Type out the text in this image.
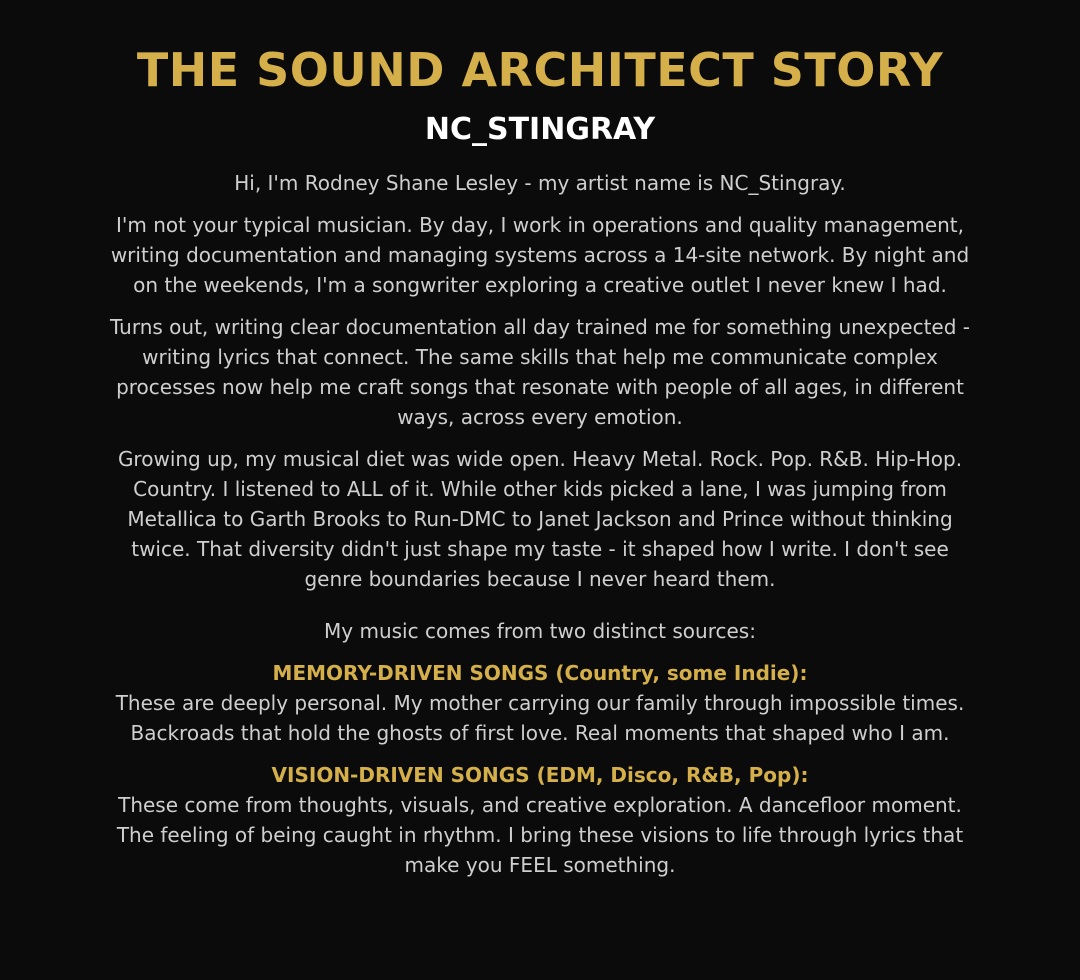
THE SOUND ARCHITECT STORY
NC_STINGRAY

Hi, I'm Rodney Shane Lesley - my artist name is NC_Stingray.

I'm not your typical musician. By day, I work in operations and quality management, writing documentation and managing systems across a 14-site network. By night and on the weekends, I'm a songwriter exploring a creative outlet I never knew I had.

Turns out, writing clear documentation all day trained me for something unexpected - writing lyrics that connect. The same skills that help me communicate complex processes now help me craft songs that resonate with people of all ages, in different ways, across every emotion.

Growing up, my musical diet was wide open. Heavy Metal. Rock. Pop. R&B. Hip-Hop. Country. I listened to ALL of it. While other kids picked a lane, I was jumping from Metallica to Garth Brooks to Run-DMC to Janet Jackson and Prince without thinking twice. That diversity didn't just shape my taste - it shaped how I write. I don't see genre boundaries because I never heard them.

My music comes from two distinct sources:

MEMORY-DRIVEN SONGS (Country, some Indie):

These are deeply personal. My mother carrying our family through impossible times. Backroads that hold the ghosts of first love. Real moments that shaped who I am.

VISION-DRIVEN SONGS (EDM, Disco, R&B, Pop):

These come from thoughts, visuals, and creative exploration. A dancefloor moment. The feeling of being caught in rhythm. I bring these visions to life through lyrics that make you FEEL something.
